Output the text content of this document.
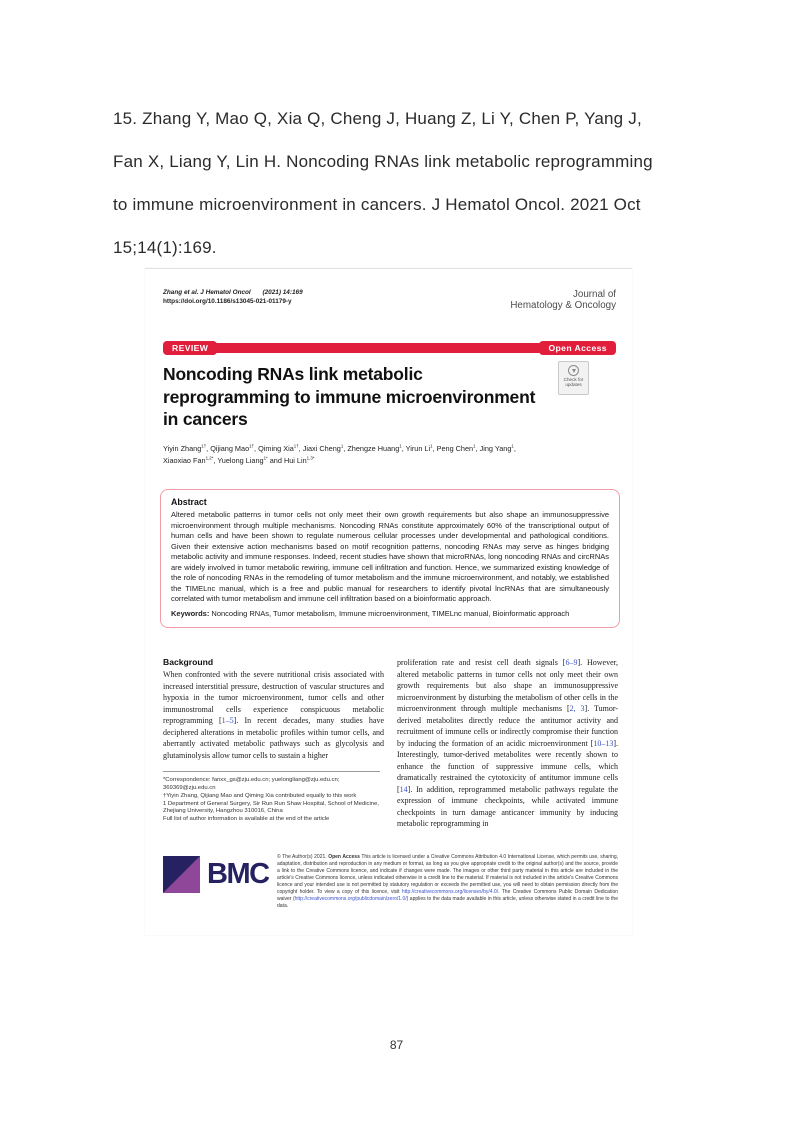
15. Zhang Y, Mao Q, Xia Q, Cheng J, Huang Z, Li Y, Chen P, Yang J,
Fan X, Liang Y, Lin H. Noncoding RNAs link metabolic reprogramming
to immune microenvironment in cancers. J Hematol Oncol. 2021 Oct
15;14(1):169.
Zhang et al. J Hematol Oncol (2021) 14:169
https://doi.org/10.1186/s13045-021-01179-y
Journal of
Hematology & Oncology
REVIEW	Open Access
Noncoding RNAs link metabolic
reprogramming to immune microenvironment
in cancers
Check for
updates
Yiyin Zhang$^{1\dagger}$, Qijiang Mao$^{1\dagger}$, Qiming Xia$^{1\dagger}$, Jiaxi Cheng$^1$, Zhengze Huang$^1$, Yirun Li$^1$, Peng Chen$^1$, Jing Yang$^1$,
Xiaoxiao Fan$^{1,2*}$, Yuelong Liang$^{1*}$ and Hui Lin$^{1,3*}$
Abstract
Altered metabolic patterns in tumor cells not only meet their own growth requirements but also shape an immunosuppressive microenvironment through multiple mechanisms. Noncoding RNAs constitute approximately 60% of the transcriptional output of human cells and have been shown to regulate numerous cellular processes under developmental and pathological conditions. Given their extensive action mechanisms based on motif recognition patterns, noncoding RNAs may serve as hinges bridging metabolic activity and immune responses. Indeed, recent studies have shown that microRNAs, long noncoding RNAs and circRNAs are widely involved in tumor metabolic rewiring, immune cell infiltration and function. Hence, we summarized existing knowledge of the role of noncoding RNAs in the remodeling of tumor metabolism and the immune microenvironment, and notably, we established the TIMELnc manual, which is a free and public manual for researchers to identify pivotal lncRNAs that are simultaneously correlated with tumor metabolism and immune cell infiltration based on a bioinformatic approach.
Keywords: Noncoding RNAs, Tumor metabolism, Immune microenvironment, TIMELnc manual, Bioinformatic approach
Background
When confronted with the severe nutritional crisis associated with increased interstitial pressure, destruction of vascular structures and hypoxia in the tumor microenvironment, tumor cells and other immunostromal cells experience conspicuous metabolic reprogramming [1–5]. In recent decades, many studies have deciphered alterations in metabolic profiles within tumor cells, and aberrantly activated metabolic pathways such as glycolysis and glutaminolysis allow tumor cells to sustain a higher
*Correspondence: fanxx_gs@zju.edu.cn; yuelongliang@zju.edu.cn; 369369@zju.edu.cn
†Yiyin Zhang, Qijiang Mao and Qiming Xia contributed equally to this work
1 Department of General Surgery, Sir Run Run Shaw Hospital, School of Medicine, Zhejiang University, Hangzhou 310016, China
Full list of author information is available at the end of the article
proliferation rate and resist cell death signals [6–9]. However, altered metabolic patterns in tumor cells not only meet their own growth requirements but also shape an immunosuppressive microenvironment by disturbing the metabolism of other cells in the microenvironment through multiple mechanisms [2, 3]. Tumor-derived metabolites directly reduce the antitumor activity and recruitment of immune cells or indirectly compromise their function by inducing the formation of an acidic microenvironment [10–13]. Interestingly, tumor-derived metabolites were recently shown to enhance the function of suppressive immune cells, which dramatically restrained the cytotoxicity of antitumor immune cells [14]. In addition, reprogrammed metabolic pathways regulate the expression of immune checkpoints, while activated immune checkpoints in turn damage anticancer immunity by inducing metabolic reprogramming in
BMC
© The Author(s) 2021. Open Access This article is licensed under a Creative Commons Attribution 4.0 International License, which permits use, sharing, adaptation, distribution and reproduction in any medium or format, as long as you give appropriate credit to the original author(s) and the source, provide a link to the Creative Commons licence, and indicate if changes were made. The images or other third party material in this article are included in the article's Creative Commons licence, unless indicated otherwise in a credit line to the material. If material is not included in the article's Creative Commons licence and your intended use is not permitted by statutory regulation or exceeds the permitted use, you will need to obtain permission directly from the copyright holder. To view a copy of this licence, visit http://creativecommons.org/licenses/by/4.0/. The Creative Commons Public Domain Dedication waiver (http://creativecommons.org/publicdomain/zero/1.0/) applies to the data made available in this article, unless otherwise stated in a credit line to the data.
87
